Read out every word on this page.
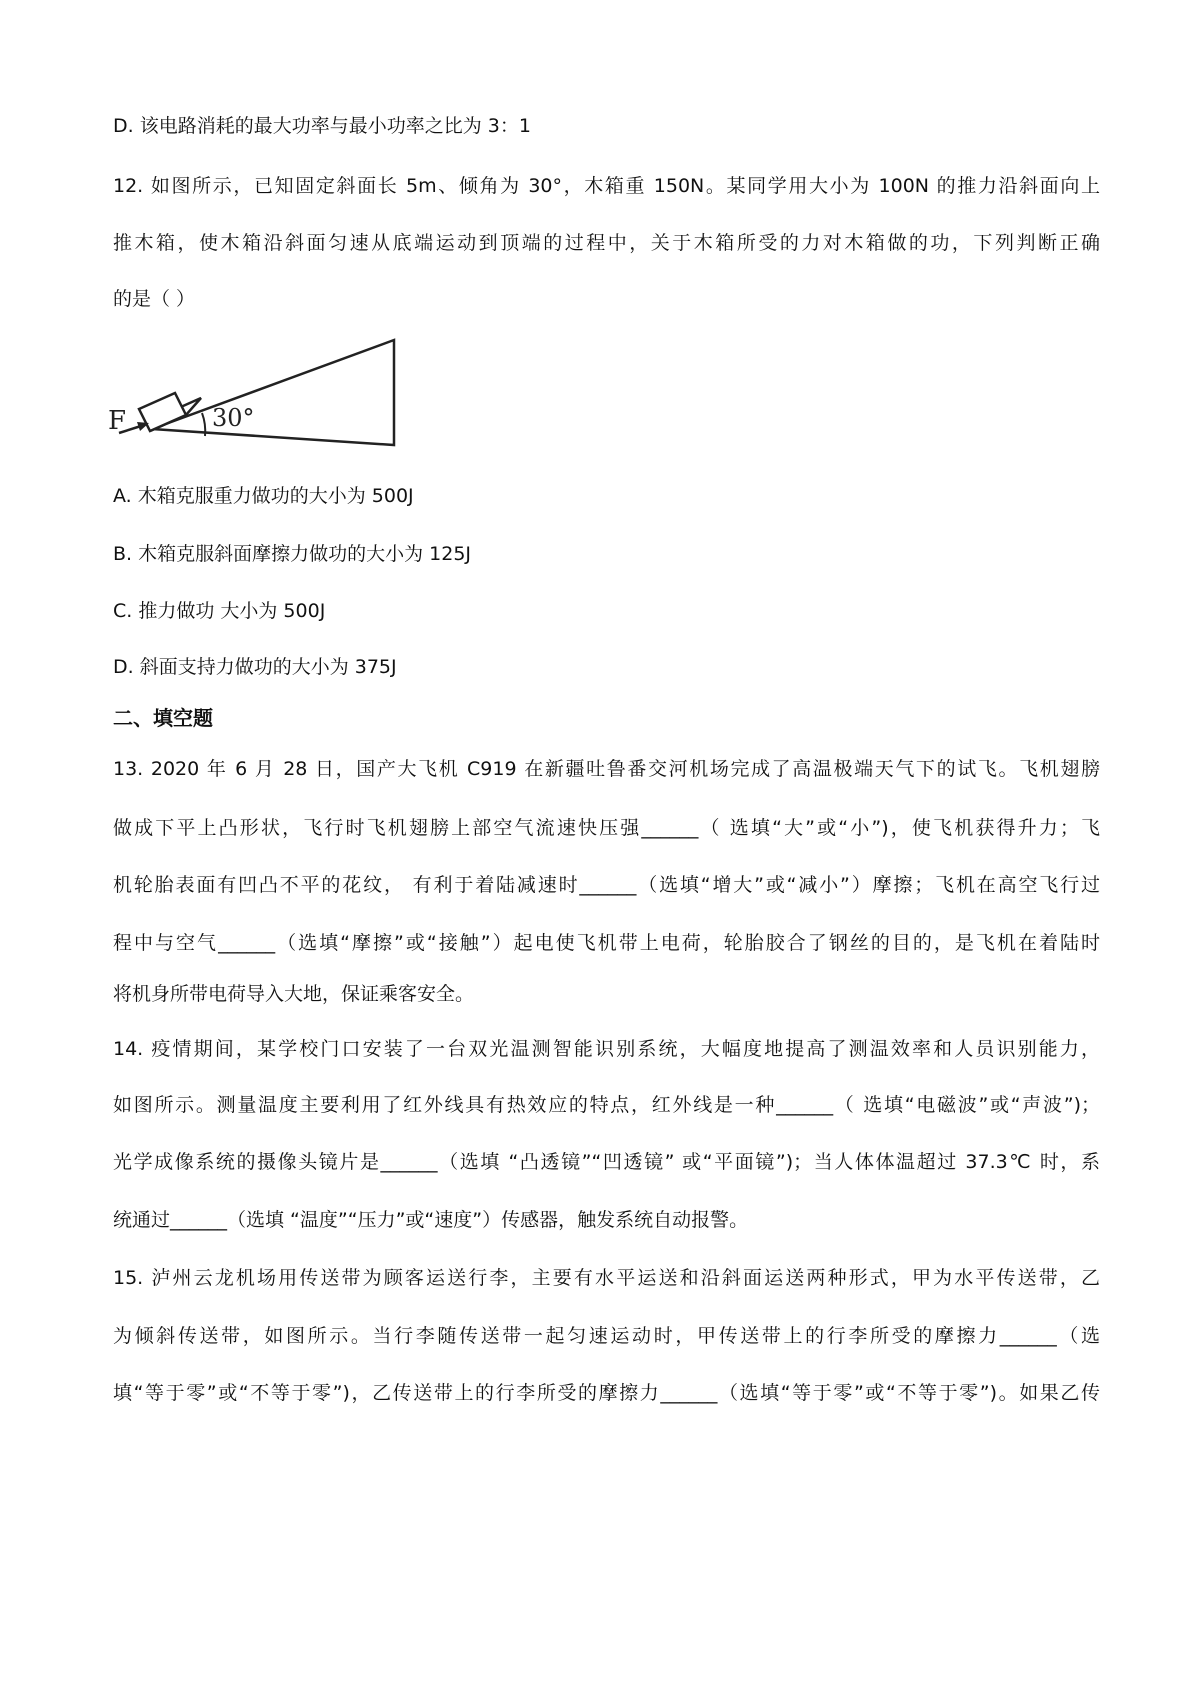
D. 该电路消耗的最大功率与最小功率之比为 3：1
12. 如图所示，已知固定斜面长 5m、倾角为 30°，木箱重 150N。某同学用大小为 100N 的推力沿斜面向上
推木箱，使木箱沿斜面匀速从底端运动到顶端的过程中，关于木箱所受的力对木箱做的功，下列判断正确
的是（ ）
F	30°
A. 木箱克服重力做功的大小为 500J
B. 木箱克服斜面摩擦力做功的大小为 125J
C. 推力做功 大小为 500J
D. 斜面支持力做功的大小为 375J
二、填空题
13. 2020 年 6 月 28 日，国产大飞机 C919 在新疆吐鲁番交河机场完成了高温极端天气下的试飞。飞机翅膀
做成下平上凸形状，飞行时飞机翅膀上部空气流速快压强______（ 选填“大”或“小”)，使飞机获得升力；飞
机轮胎表面有凹凸不平的花纹， 有利于着陆减速时______（选填“增大”或“减小”）摩擦；飞机在高空飞行过
程中与空气______（选填“摩擦”或“接触”）起电使飞机带上电荷，轮胎胶合了钢丝的目的，是飞机在着陆时
将机身所带电荷导入大地，保证乘客安全。
14. 疫情期间，某学校门口安装了一台双光温测智能识别系统，大幅度地提高了测温效率和人员识别能力，
如图所示。测量温度主要利用了红外线具有热效应的特点，红外线是一种______（ 选填“电磁波”或“声波”)；
光学成像系统的摄像头镜片是______（选填 “凸透镜”“凹透镜” 或“平面镜”)；当人体体温超过 37.3℃ 时，系
统通过______（选填 “温度”“压力”或“速度”）传感器，触发系统自动报警。
15. 泸州云龙机场用传送带为顾客运送行李，主要有水平运送和沿斜面运送两种形式，甲为水平传送带，乙
为倾斜传送带，如图所示。当行李随传送带一起匀速运动时，甲传送带上的行李所受的摩擦力______（选
填“等于零”或“不等于零”)，乙传送带上的行李所受的摩擦力______（选填“等于零”或“不等于零”)。如果乙传
